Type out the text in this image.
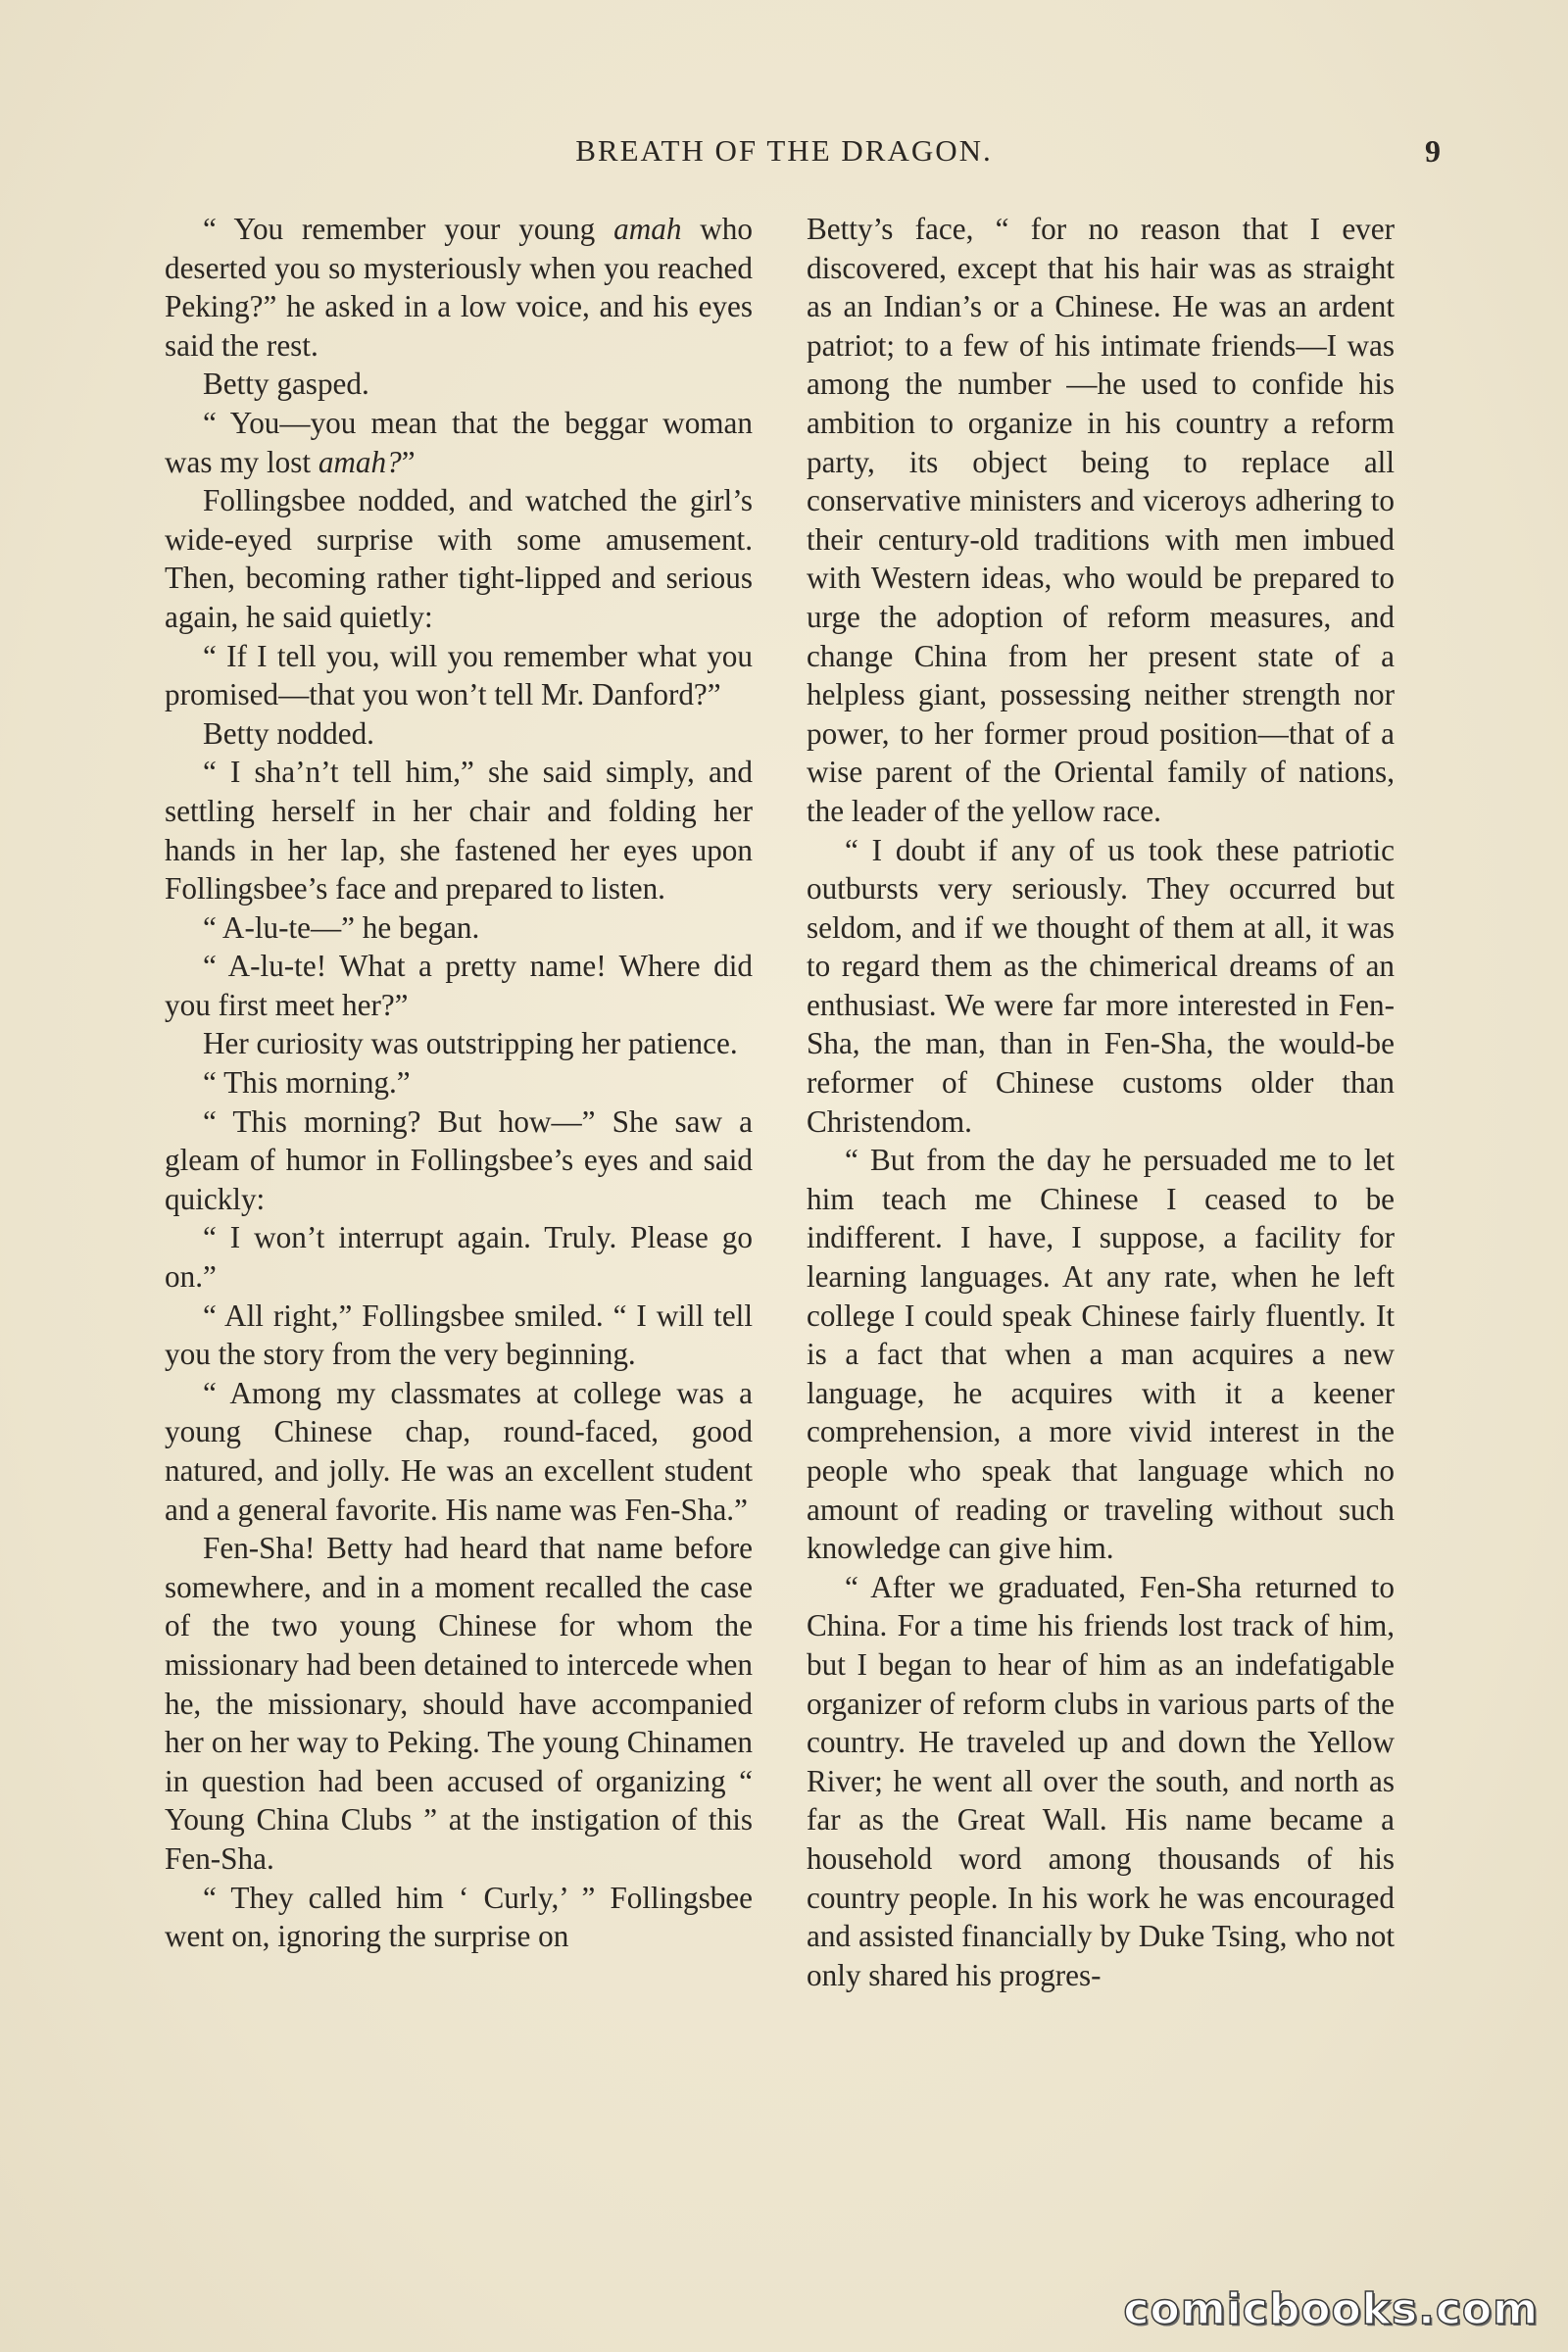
BREATH OF THE DRAGON.	9

“ You remember your young amah who deserted you so mysteriously when you reached Peking?” he asked in a low voice, and his eyes said the rest.

Betty gasped.

“ You—you mean that the beggar woman was my lost amah?”

Follingsbee nodded, and watched the girl’s wide-eyed surprise with some amusement. Then, becoming rather tight-lipped and serious again, he said quietly:

“ If I tell you, will you remember what you promised—that you won’t tell Mr. Danford?”

Betty nodded.

“ I sha’n’t tell him,” she said simply, and settling herself in her chair and folding her hands in her lap, she fastened her eyes upon Follingsbee’s face and prepared to listen.

“ A-lu-te—” he began.

“ A-lu-te! What a pretty name! Where did you first meet her?”

Her curiosity was outstripping her patience.

“ This morning.”

“ This morning? But how—” She saw a gleam of humor in Follingsbee’s eyes and said quickly:

“ I won’t interrupt again. Truly. Please go on.”

“ All right,” Follingsbee smiled. “ I will tell you the story from the very beginning.

“ Among my classmates at college was a young Chinese chap, round-faced, good natured, and jolly. He was an excellent student and a general favorite. His name was Fen-Sha.”

Fen-Sha! Betty had heard that name before somewhere, and in a moment recalled the case of the two young Chinese for whom the missionary had been detained to intercede when he, the missionary, should have accompanied her on her way to Peking. The young Chinamen in question had been accused of organizing “ Young China Clubs ” at the instigation of this Fen-Sha.

“ They called him ‘ Curly,’ ” Follingsbee went on, ignoring the surprise on

Betty’s face, “ for no reason that I ever discovered, except that his hair was as straight as an Indian’s or a Chinese. He was an ardent patriot; to a few of his intimate friends—I was among the number —he used to confide his ambition to organize in his country a reform party, its object being to replace all conservative ministers and viceroys adhering to their century-old traditions with men imbued with Western ideas, who would be prepared to urge the adoption of reform measures, and change China from her present state of a helpless giant, possessing neither strength nor power, to her former proud position—that of a wise parent of the Oriental family of nations, the leader of the yellow race.

“ I doubt if any of us took these patriotic outbursts very seriously. They occurred but seldom, and if we thought of them at all, it was to regard them as the chimerical dreams of an enthusiast. We were far more interested in Fen-Sha, the man, than in Fen-Sha, the would-be reformer of Chinese customs older than Christendom.

“ But from the day he persuaded me to let him teach me Chinese I ceased to be indifferent. I have, I suppose, a facility for learning languages. At any rate, when he left college I could speak Chinese fairly fluently. It is a fact that when a man acquires a new language, he acquires with it a keener comprehension, a more vivid interest in the people who speak that language which no amount of reading or traveling without such knowledge can give him.

“ After we graduated, Fen-Sha returned to China. For a time his friends lost track of him, but I began to hear of him as an indefatigable organizer of reform clubs in various parts of the country. He traveled up and down the Yellow River; he went all over the south, and north as far as the Great Wall. His name became a household word among thousands of his country people. In his work he was encouraged and assisted financially by Duke Tsing, who not only shared his progres-

comicbooks.com
